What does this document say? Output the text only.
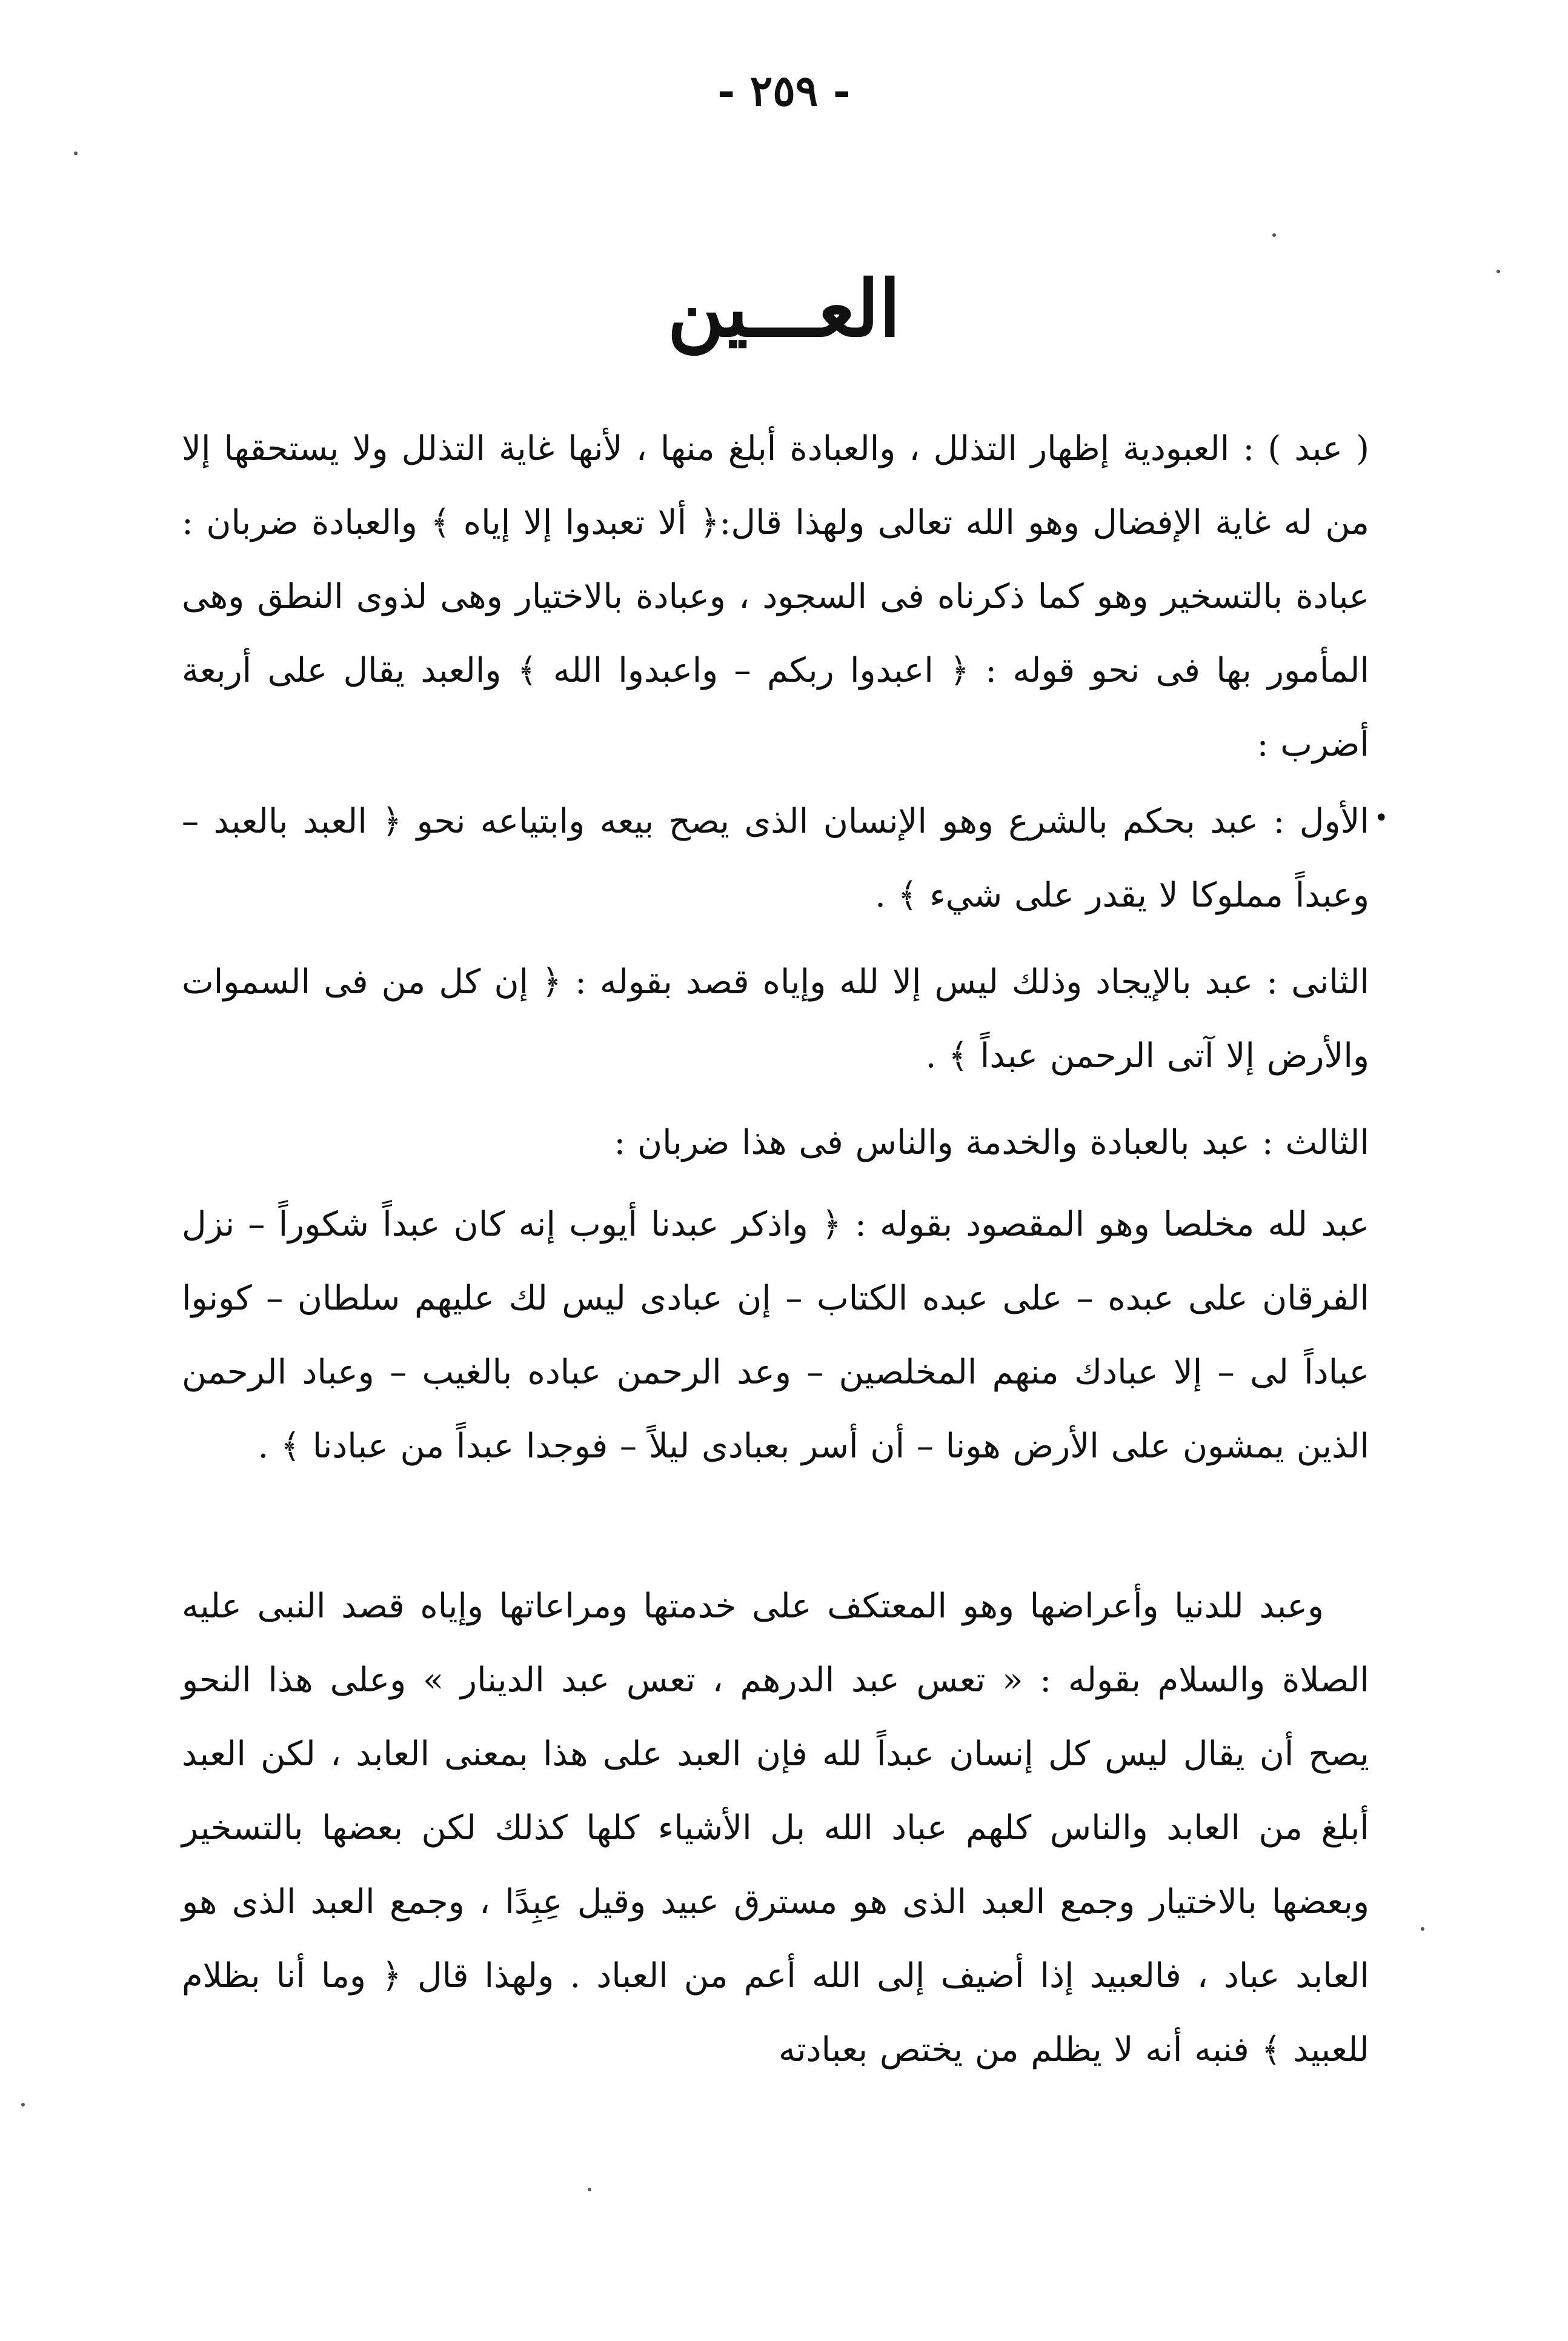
- ٢٥٩ -
العـــين

( عبد ) : العبودية إظهار التذلل ، والعبادة أبلغ منها ، لأنها غاية التذلل ولا يستحقها إلا من له غاية الإفضال وهو الله تعالى ولهذا قال:﴿ ألا تعبدوا إلا إياه ﴾ والعبادة ضربان : عبادة بالتسخير وهو كما ذكرناه فى السجود ، وعبادة بالاختيار وهى لذوى النطق وهى المأمور بها فى نحو قوله : ﴿ اعبدوا ربكم – واعبدوا الله ﴾ والعبد يقال على أربعة أضرب :

•

الأول : عبد بحكم بالشرع وهو الإنسان الذى يصح بيعه وابتياعه نحو ﴿ العبد بالعبد – وعبداً مملوكا لا يقدر على شيء ﴾ .

الثانى : عبد بالإيجاد وذلك ليس إلا لله وإياه قصد بقوله : ﴿ إن كل من فى السموات والأرض إلا آتى الرحمن عبداً ﴾ .

الثالث : عبد بالعبادة والخدمة والناس فى هذا ضربان :

عبد لله مخلصا وهو المقصود بقوله : ﴿ واذكر عبدنا أيوب إنه كان عبداً شكوراً – نزل الفرقان على عبده – على عبده الكتاب – إن عبادى ليس لك عليهم سلطان – كونوا عباداً لى – إلا عبادك منهم المخلصين – وعد الرحمن عباده بالغيب – وعباد الرحمن الذين يمشون على الأرض هونا – أن أسر بعبادى ليلاً – فوجدا عبداً من عبادنا ﴾ .

وعبد للدنيا وأعراضها وهو المعتكف على خدمتها ومراعاتها وإياه قصد النبى عليه الصلاة والسلام بقوله : « تعس عبد الدرهم ، تعس عبد الدينار » وعلى هذا النحو يصح أن يقال ليس كل إنسان عبداً لله فإن العبد على هذا بمعنى العابد ، لكن العبد أبلغ من العابد والناس كلهم عباد الله بل الأشياء كلها كذلك لكن بعضها بالتسخير وبعضها بالاختيار وجمع العبد الذى هو مسترق عبيد وقيل عِبِدًا ، وجمع العبد الذى هو العابد عباد ، فالعبيد إذا أضيف إلى الله أعم من العباد . ولهذا قال ﴿ وما أنا بظلام للعبيد ﴾ فنبه أنه لا يظلم من يختص بعبادته
